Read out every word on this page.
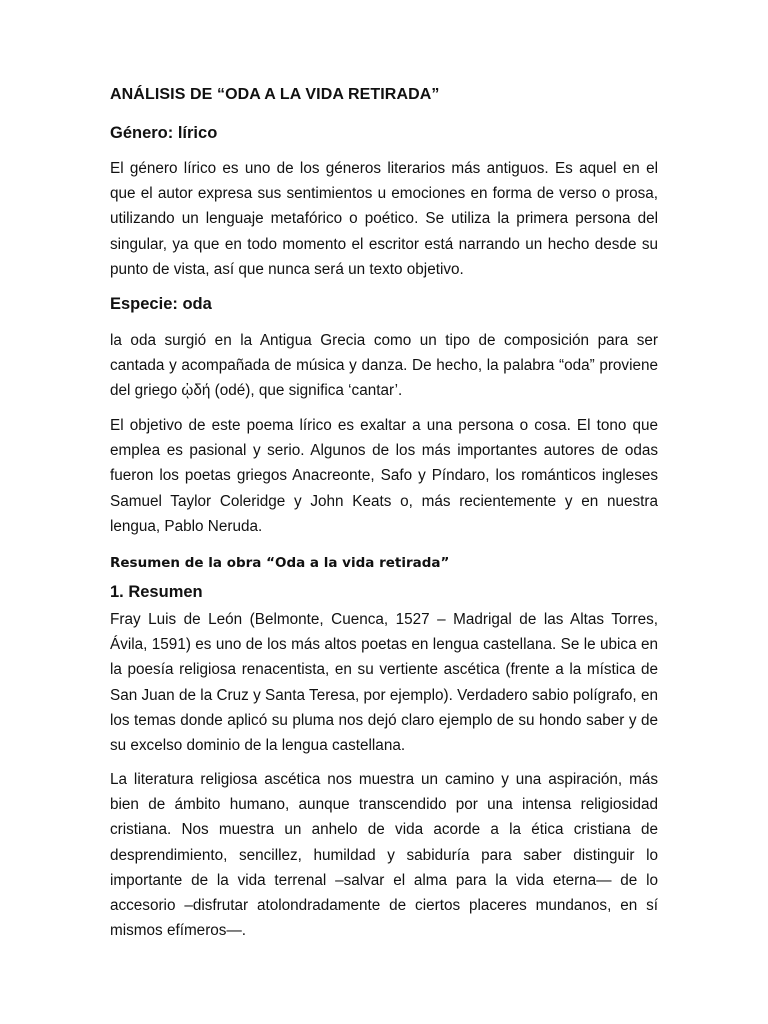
ANÁLISIS DE “ODA A LA VIDA RETIRADA”
Género: lírico

El género lírico es uno de los géneros literarios más antiguos. Es aquel en el que el autor expresa sus sentimientos u emociones en forma de verso o prosa, utilizando un lenguaje metafórico o poético. Se utiliza la primera persona del singular, ya que en todo momento el escritor está narrando un hecho desde su punto de vista, así que nunca será un texto objetivo.

Especie: oda

la oda surgió en la Antigua Grecia como un tipo de composición para ser cantada y acompañada de música y danza. De hecho, la palabra “oda” proviene del griego ᾠδή (odé), que significa ‘cantar’.

El objetivo de este poema lírico es exaltar a una persona o cosa. El tono que emplea es pasional y serio. Algunos de los más importantes autores de odas fueron los poetas griegos Anacreonte, Safo y Píndaro, los románticos ingleses Samuel Taylor Coleridge y John Keats o, más recientemente y en nuestra lengua, Pablo Neruda.

Resumen de la obra “Oda a la vida retirada”
1. Resumen

Fray Luis de León (Belmonte, Cuenca, 1527 – Madrigal de las Altas Torres, Ávila, 1591) es uno de los más altos poetas en lengua castellana. Se le ubica en la poesía religiosa renacentista, en su vertiente ascética (frente a la mística de San Juan de la Cruz y Santa Teresa, por ejemplo). Verdadero sabio polígrafo, en los temas donde aplicó su pluma nos dejó claro ejemplo de su hondo saber y de su excelso dominio de la lengua castellana.

La literatura religiosa ascética nos muestra un camino y una aspiración, más bien de ámbito humano, aunque transcendido por una intensa religiosidad cristiana. Nos muestra un anhelo de vida acorde a la ética cristiana de desprendimiento, sencillez, humildad y sabiduría para saber distinguir lo importante de la vida terrenal –salvar el alma para la vida eterna— de lo accesorio –disfrutar atolondradamente de ciertos placeres mundanos, en sí mismos efímeros—.
